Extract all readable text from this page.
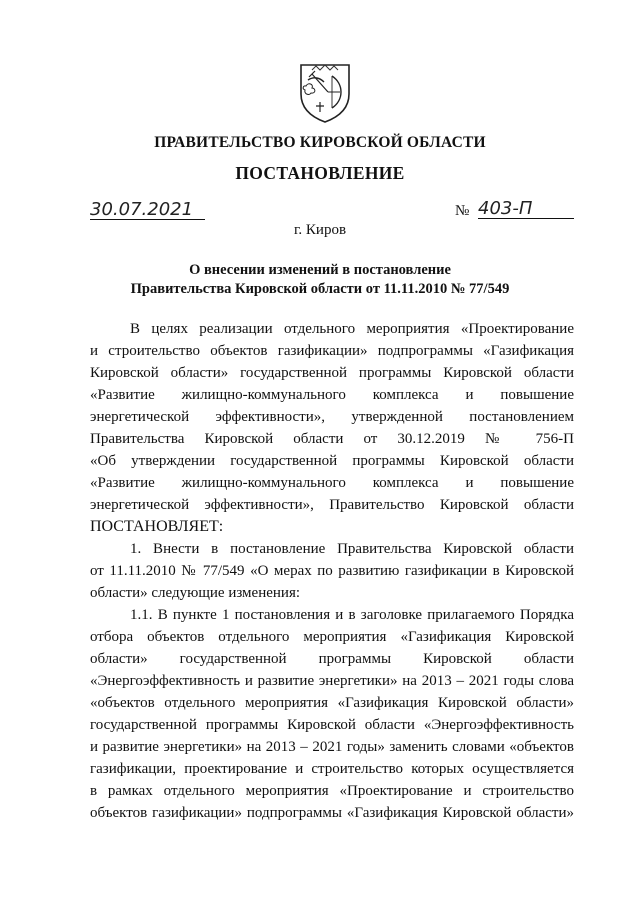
ПРАВИТЕЛЬСТВО КИРОВСКОЙ ОБЛАСТИ
ПОСТАНОВЛЕНИЕ
30.07.2021	№ 403-П
г. Киров
О внесении изменений в постановление
Правительства Кировской области от 11.11.2010 № 77/549
В целях реализации отдельного мероприятия «Проектирование
и строительство объектов газификации» подпрограммы «Газификация
Кировской области» государственной программы Кировской области
«Развитие жилищно-коммунального комплекса и повышение
энергетической эффективности», утвержденной постановлением
Правительства Кировской области от 30.12.2019 № 756-П
«Об утверждении государственной программы Кировской области
«Развитие жилищно-коммунального комплекса и повышение
энергетической эффективности», Правительство Кировской области
ПОСТАНОВЛЯЕТ:
1. Внести в постановление Правительства Кировской области
от 11.11.2010 № 77/549 «О мерах по развитию газификации в Кировской
области» следующие изменения:
1.1. В пункте 1 постановления и в заголовке прилагаемого Порядка
отбора объектов отдельного мероприятия «Газификация Кировской
области» государственной программы Кировской области
«Энергоэффективность и развитие энергетики» на 2013 – 2021 годы слова
«объектов отдельного мероприятия «Газификация Кировской области»
государственной программы Кировской области «Энергоэффективность
и развитие энергетики» на 2013 – 2021 годы» заменить словами «объектов
газификации, проектирование и строительство которых осуществляется
в рамках отдельного мероприятия «Проектирование и строительство
объектов газификации» подпрограммы «Газификация Кировской области»
